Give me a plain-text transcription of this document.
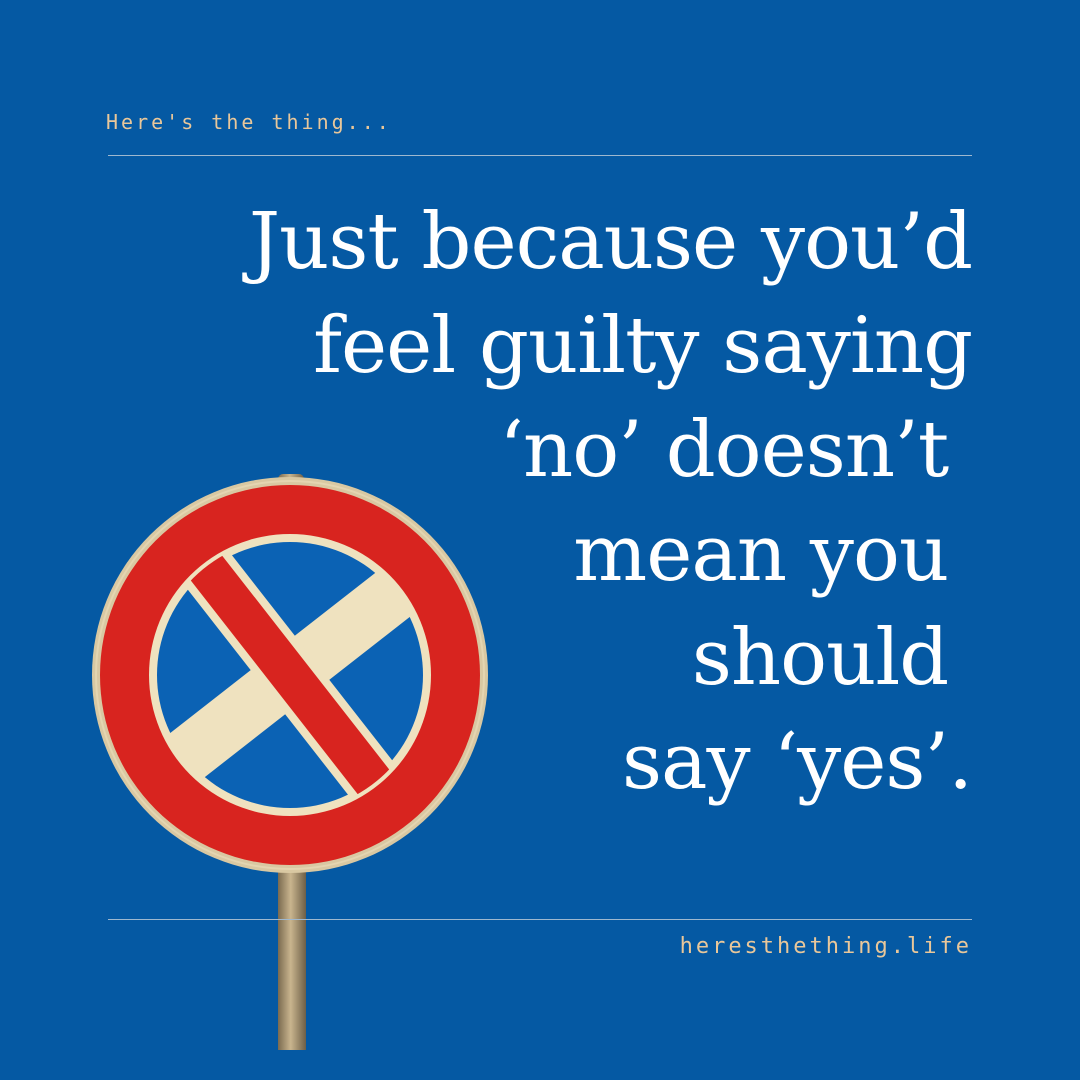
Here's the thing...
Just because you’d
feel guilty saying
‘no’ doesn’t
mean you
should
say ‘yes’.
heresthething.life
